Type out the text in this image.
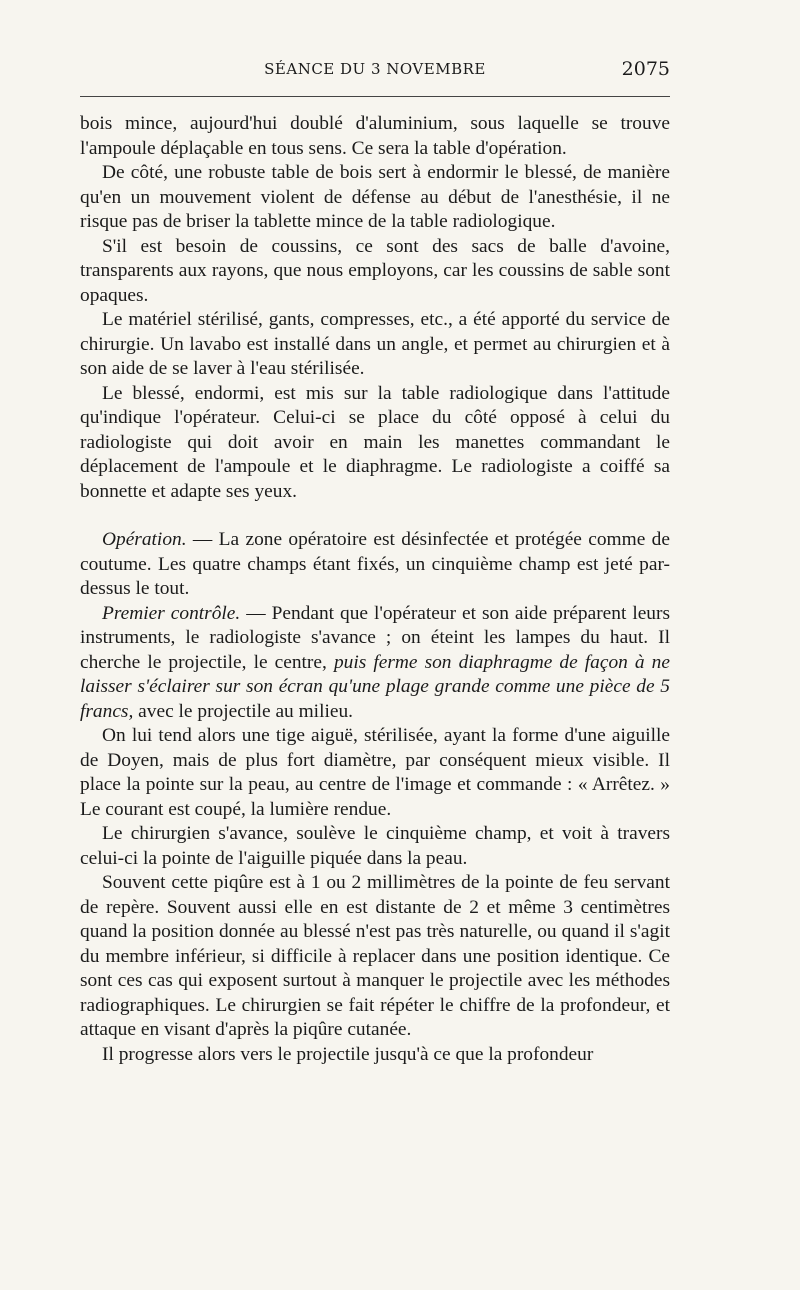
SÉANCE DU 3 NOVEMBRE	2075

bois mince, aujourd'hui doublé d'aluminium, sous laquelle se trouve l'ampoule déplaçable en tous sens. Ce sera la table d'opération.

De côté, une robuste table de bois sert à endormir le blessé, de manière qu'en un mouvement violent de défense au début de l'anesthésie, il ne risque pas de briser la tablette mince de la table radiologique.

S'il est besoin de coussins, ce sont des sacs de balle d'avoine, transparents aux rayons, que nous employons, car les coussins de sable sont opaques.

Le matériel stérilisé, gants, compresses, etc., a été apporté du service de chirurgie. Un lavabo est installé dans un angle, et permet au chirurgien et à son aide de se laver à l'eau stérilisée.

Le blessé, endormi, est mis sur la table radiologique dans l'attitude qu'indique l'opérateur. Celui-ci se place du côté opposé à celui du radiologiste qui doit avoir en main les manettes commandant le déplacement de l'ampoule et le diaphragme. Le radiologiste a coiffé sa bonnette et adapte ses yeux.

Opération. — La zone opératoire est désinfectée et protégée comme de coutume. Les quatre champs étant fixés, un cinquième champ est jeté par-dessus le tout.

Premier contrôle. — Pendant que l'opérateur et son aide préparent leurs instruments, le radiologiste s'avance ; on éteint les lampes du haut. Il cherche le projectile, le centre, puis ferme son diaphragme de façon à ne laisser s'éclairer sur son écran qu'une plage grande comme une pièce de 5 francs, avec le projectile au milieu.

On lui tend alors une tige aiguë, stérilisée, ayant la forme d'une aiguille de Doyen, mais de plus fort diamètre, par conséquent mieux visible. Il place la pointe sur la peau, au centre de l'image et commande : « Arrêtez. » Le courant est coupé, la lumière rendue.

Le chirurgien s'avance, soulève le cinquième champ, et voit à travers celui-ci la pointe de l'aiguille piquée dans la peau.

Souvent cette piqûre est à 1 ou 2 millimètres de la pointe de feu servant de repère. Souvent aussi elle en est distante de 2 et même 3 centimètres quand la position donnée au blessé n'est pas très naturelle, ou quand il s'agit du membre inférieur, si difficile à replacer dans une position identique. Ce sont ces cas qui exposent surtout à manquer le projectile avec les méthodes radiographiques. Le chirurgien se fait répéter le chiffre de la profondeur, et attaque en visant d'après la piqûre cutanée.

Il progresse alors vers le projectile jusqu'à ce que la profondeur
